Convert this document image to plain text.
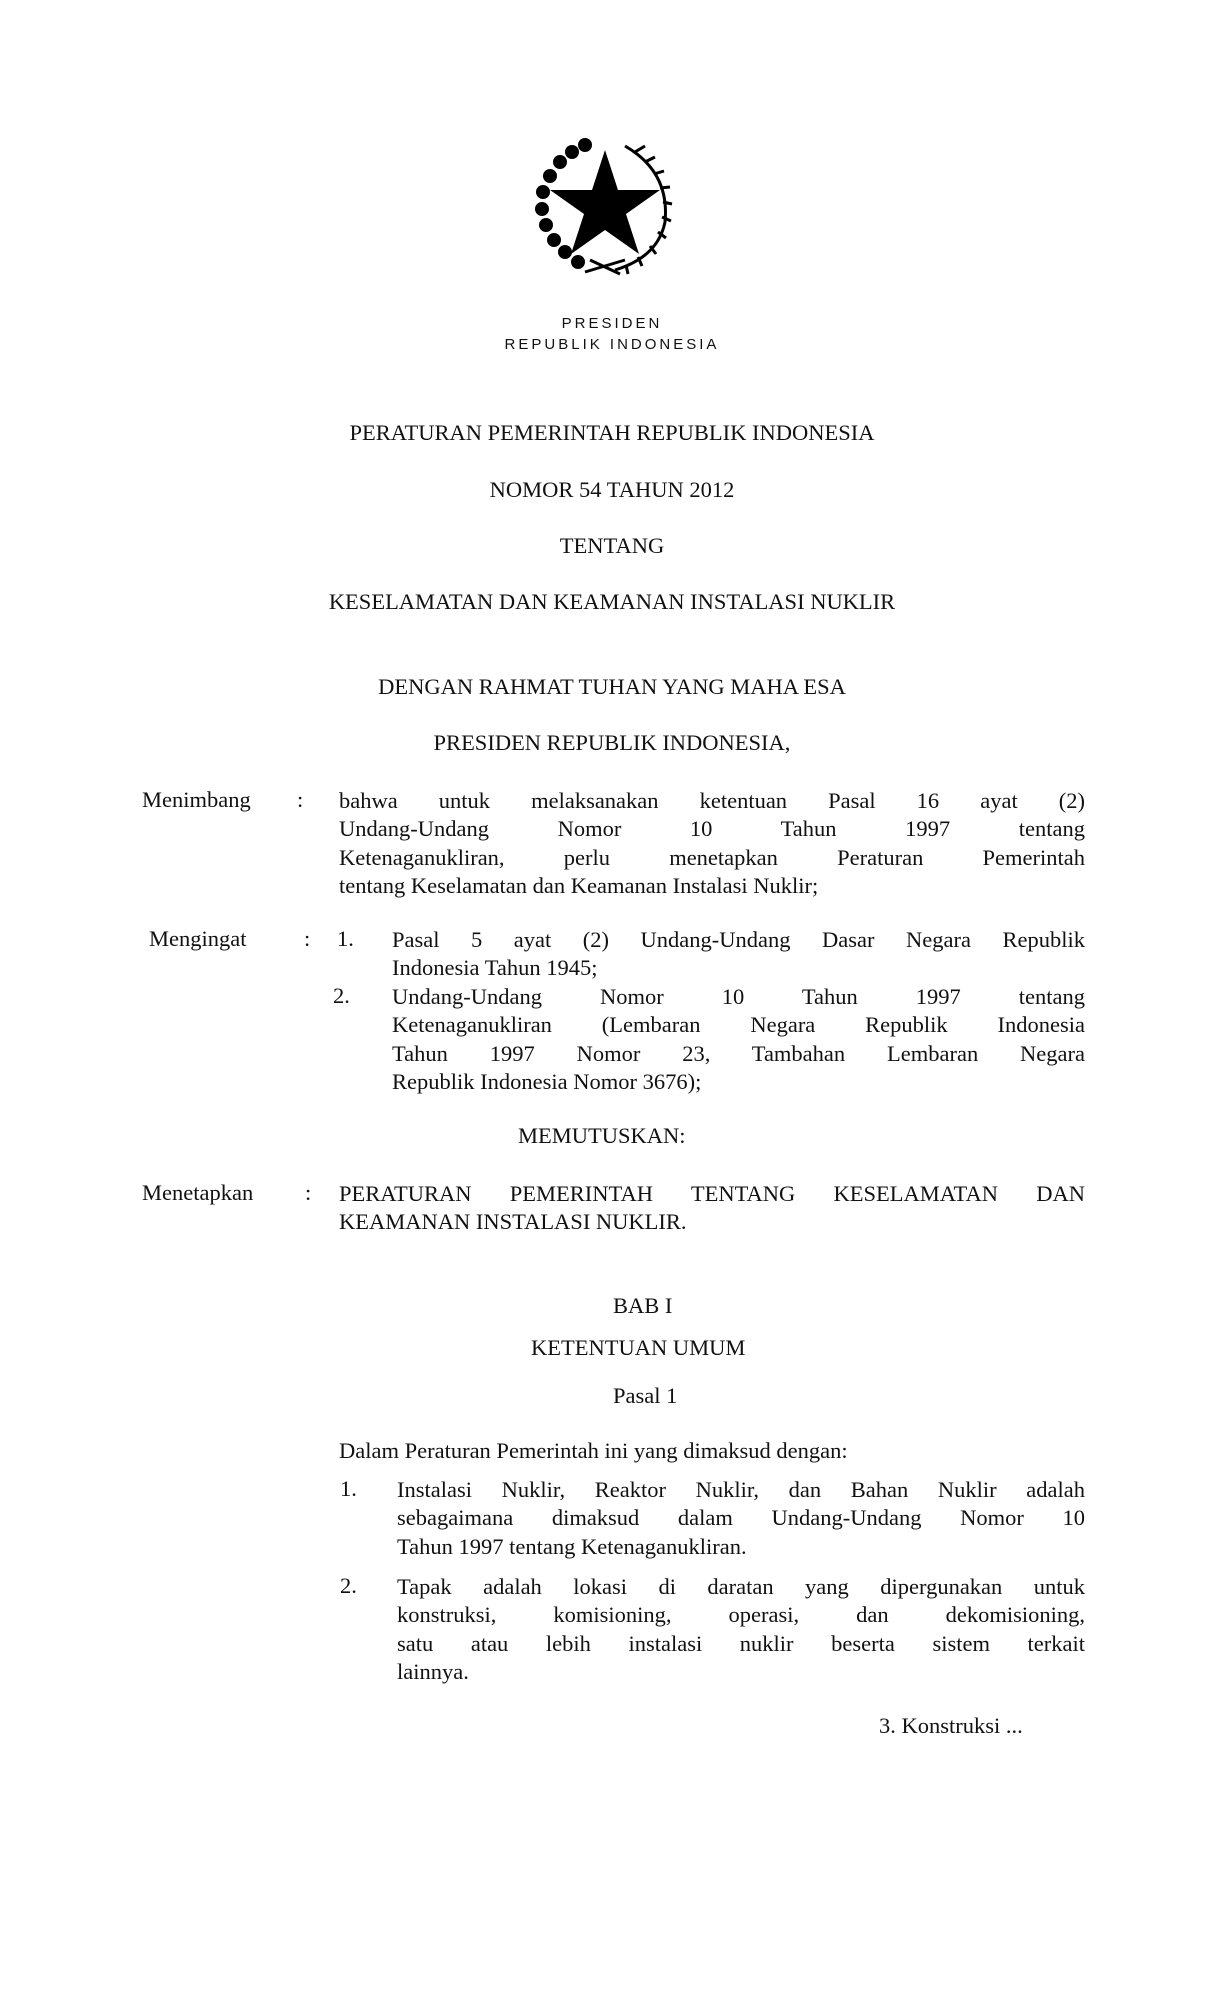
PRESIDEN
REPUBLIK INDONESIA
PERATURAN PEMERINTAH REPUBLIK INDONESIA
NOMOR 54 TAHUN 2012
TENTANG
KESELAMATAN DAN KEAMANAN INSTALASI NUKLIR
DENGAN RAHMAT TUHAN YANG MAHA ESA
PRESIDEN REPUBLIK INDONESIA,
Menimbang : bahwa untuk melaksanakan ketentuan Pasal 16 ayat (2)
Undang-Undang Nomor 10 Tahun 1997 tentang
Ketenaganukliran, perlu menetapkan Peraturan Pemerintah
tentang Keselamatan dan Keamanan Instalasi Nuklir;
Mengingat	: 1. Pasal 5 ayat (2) Undang-Undang Dasar Negara Republik
Indonesia Tahun 1945;
2. Undang-Undang Nomor 10 Tahun 1997 tentang
Ketenaganukliran (Lembaran Negara Republik Indonesia
Tahun 1997 Nomor 23, Tambahan Lembaran Negara
Republik Indonesia Nomor 3676);
MEMUTUSKAN:
Menetapkan : PERATURAN PEMERINTAH TENTANG KESELAMATAN DAN
KEAMANAN INSTALASI NUKLIR.
BAB I
KETENTUAN UMUM
Pasal 1
Dalam Peraturan Pemerintah ini yang dimaksud dengan:
1. Instalasi Nuklir, Reaktor Nuklir, dan Bahan Nuklir adalah
sebagaimana dimaksud dalam Undang-Undang Nomor 10
Tahun 1997 tentang Ketenaganukliran.
2. Tapak adalah lokasi di daratan yang dipergunakan untuk
konstruksi, komisioning, operasi, dan dekomisioning,
satu atau lebih instalasi nuklir beserta sistem terkait
lainnya.
3. Konstruksi ...
